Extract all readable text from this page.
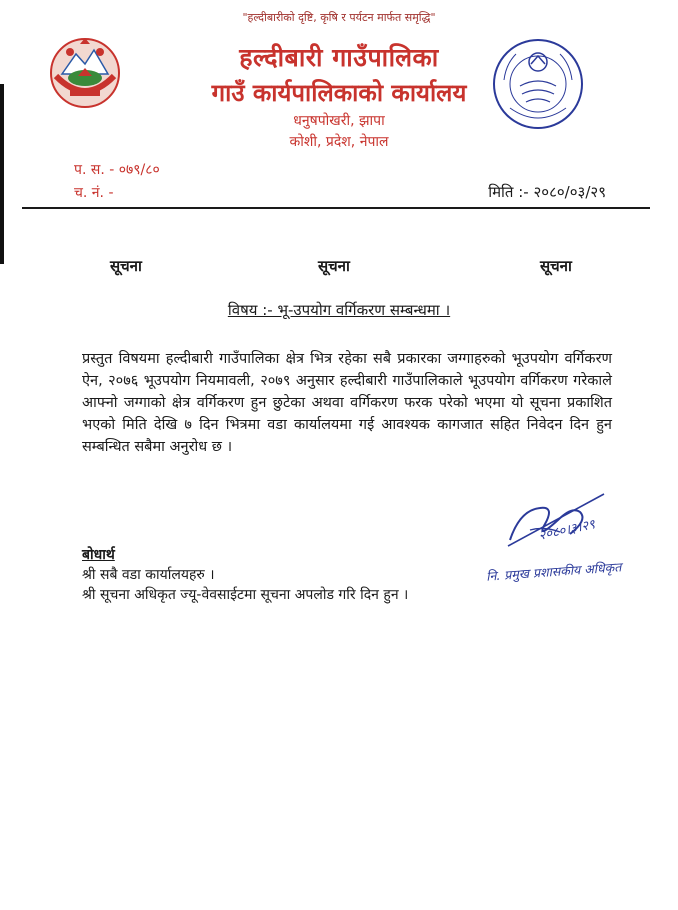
"हल्दीबारीको दृष्टि, कृषि र पर्यटन मार्फत समृद्धि"
हल्दीबारी गाउँपालिका
गाउँ कार्यपालिकाको कार्यालय
धनुषपोखरी, झापा
कोशी, प्रदेश, नेपाल
प. स. - ०७९/८०
च. नं. -	मिति :- २०८०/०३/२९
सूचना	सूचना	सूचना
विषय :- भू-उपयोग वर्गिकरण सम्बन्धमा ।
प्रस्तुत विषयमा हल्दीबारी गाउँपालिका क्षेत्र भित्र रहेका सबै प्रकारका जग्गाहरुको भूउपयोग वर्गिकरण ऐन, २०७६ भूउपयोग नियमावली, २०७९ अनुसार हल्दीबारी गाउँपालिकाले भूउपयोग वर्गिकरण गरेकाले आफ्नो जग्गाको क्षेत्र वर्गिकरण हुन छुटेका अथवा वर्गिकरण फरक परेको भएमा यो सूचना प्रकाशित भएको मिति देखि ७ दिन भित्रमा वडा कार्यालयमा गई आवश्यक कागजात सहित निवेदन दिन हुन सम्बन्धित सबैमा अनुरोध छ ।
२०८०।३।२९
नि. प्रमुख प्रशासकीय अधिकृत
बोधार्थ
श्री सबै वडा कार्यालयहरु ।
श्री सूचना अधिकृत ज्यू-वेवसाईटमा सूचना अपलोड गरि दिन हुन ।
